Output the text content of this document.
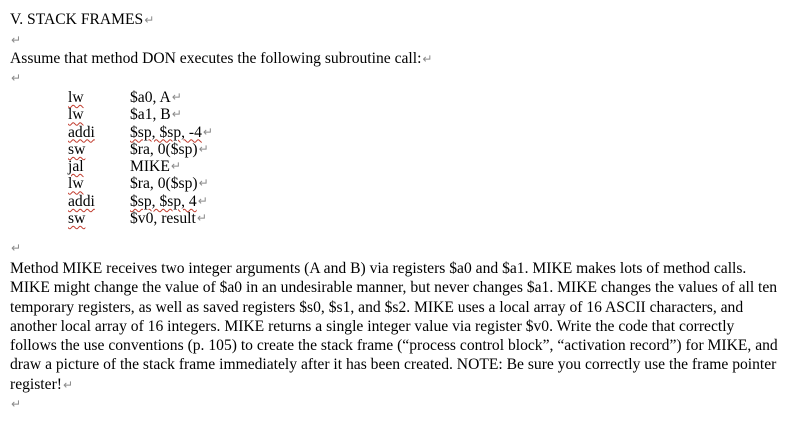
V. STACK FRAMES↵
↵
Assume that method DON executes the following subroutine call:↵
↵
lw	$a0, A ↵
lw	$a1, B ↵
addi	$sp, $sp, -4 ↵
sw	$ra, 0($sp) ↵
jal	MIKE ↵
lw	$ra, 0($sp) ↵
addi	$sp, $sp, 4 ↵
sw	$v0, result ↵
↵
Method MIKE receives two integer arguments (A and B) via registers $a0 and $a1. MIKE makes lots of method calls. MIKE might change the value of $a0 in an undesirable manner, but never changes $a1. MIKE changes the values of all ten temporary registers, as well as saved registers $s0, $s1, and $s2. MIKE uses a local array of 16 ASCII characters, and another local array of 16 integers. MIKE returns a single integer value via register $v0. Write the code that correctly follows the use conventions (p. 105) to create the stack frame (“process control block”, “activation record”) for MIKE, and draw a picture of the stack frame immediately after it has been created. NOTE: Be sure you correctly use the frame pointer register!↵
↵
